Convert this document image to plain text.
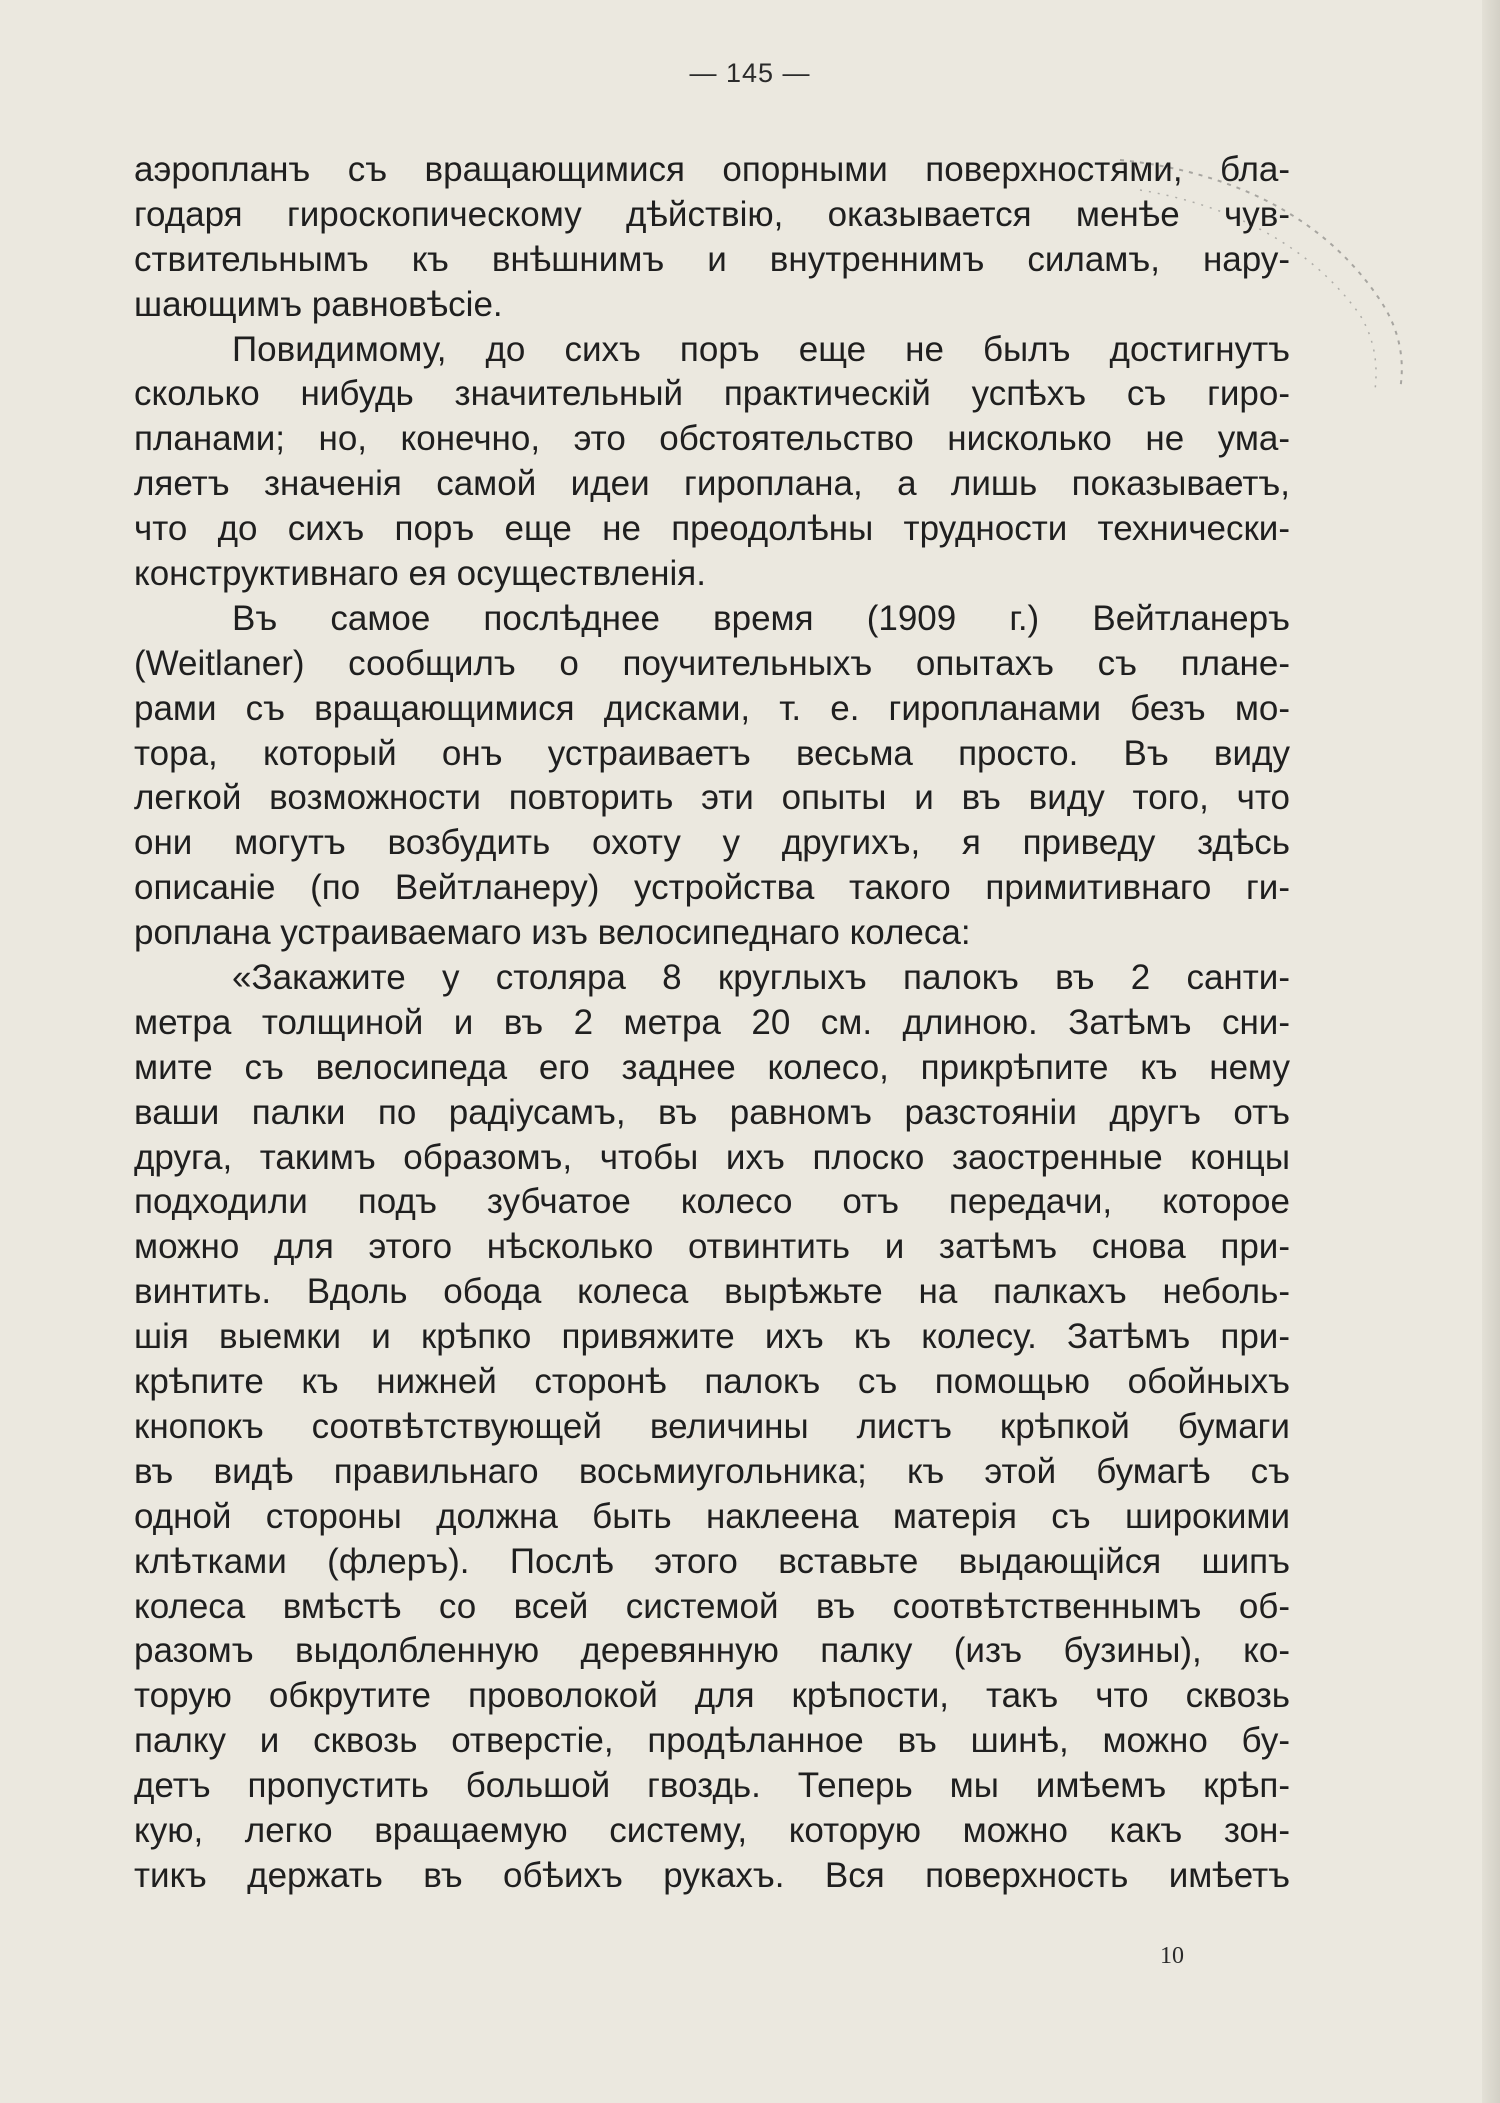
— 145 —
аэропланъ съ вращающимися опорными поверхностями, бла-
годаря гироскопическому дѣйствію, оказывается менѣе чув-
ствительнымъ къ внѣшнимъ и внутреннимъ силамъ, нару-
шающимъ равновѣсіе.
Повидимому, до сихъ поръ еще не былъ достигнутъ
сколько нибудь значительный практическій успѣхъ съ гиро-
планами; но, конечно, это обстоятельство нисколько не ума-
ляетъ значенія самой идеи гироплана, а лишь показываетъ,
что до сихъ поръ еще не преодолѣны трудности технически-
конструктивнаго ея осуществленія.
Въ самое послѣднее время (1909 г.) Вейтланеръ
(Weitlaner) сообщилъ о поучительныхъ опытахъ съ планe-
рами съ вращающимися дисками, т. е. гиропланами безъ мо-
тора, который онъ устраиваетъ весьма просто. Въ виду
легкой возможности повторить эти опыты и въ виду того, что
они могутъ возбудить охоту у другихъ, я приведу здѣсь
описаніе (по Вейтланеру) устройства такого примитивнаго ги-
роплана устраиваемаго изъ велосипеднаго колеса:
«Закажите у столяра 8 круглыхъ палокъ въ 2 санти-
метра толщиной и въ 2 метра 20 см. длиною. Затѣмъ сни-
мите съ велосипеда его заднее колесо, прикрѣпите къ нему
ваши палки по радіусамъ, въ равномъ разстояніи другъ отъ
друга, такимъ образомъ, чтобы ихъ плоско заостренные концы
подходили подъ зубчатое колесо отъ передачи, которое
можно для этого нѣсколько отвинтить и затѣмъ снова при-
винтить. Вдоль обода колеса вырѣжьте на палкахъ неболь-
шія выемки и крѣпко привяжите ихъ къ колесу. Затѣмъ при-
крѣпите къ нижней сторонѣ палокъ съ помощью обойныхъ
кнопокъ соотвѣтствующей величины листъ крѣпкой бумаги
въ видѣ правильнаго восьмиугольника; къ этой бумагѣ съ
одной стороны должна быть наклеена матерія съ широкими
клѣтками (флеръ). Послѣ этого вставьте выдающійся шипъ
колеса вмѣстѣ со всей системой въ соотвѣтственнымъ об-
разомъ выдолбленную деревянную палку (изъ бузины), ко-
торую обкрутите проволокой для крѣпости, такъ что сквозь
палку и сквозь отверстіе, продѣланное въ шинѣ, можно бу-
детъ пропустить большой гвоздь. Теперь мы имѣемъ крѣп-
кую, легко вращаемую систему, которую можно какъ зон-
тикъ держать въ обѣихъ рукахъ. Вся поверхность имѣетъ
10
